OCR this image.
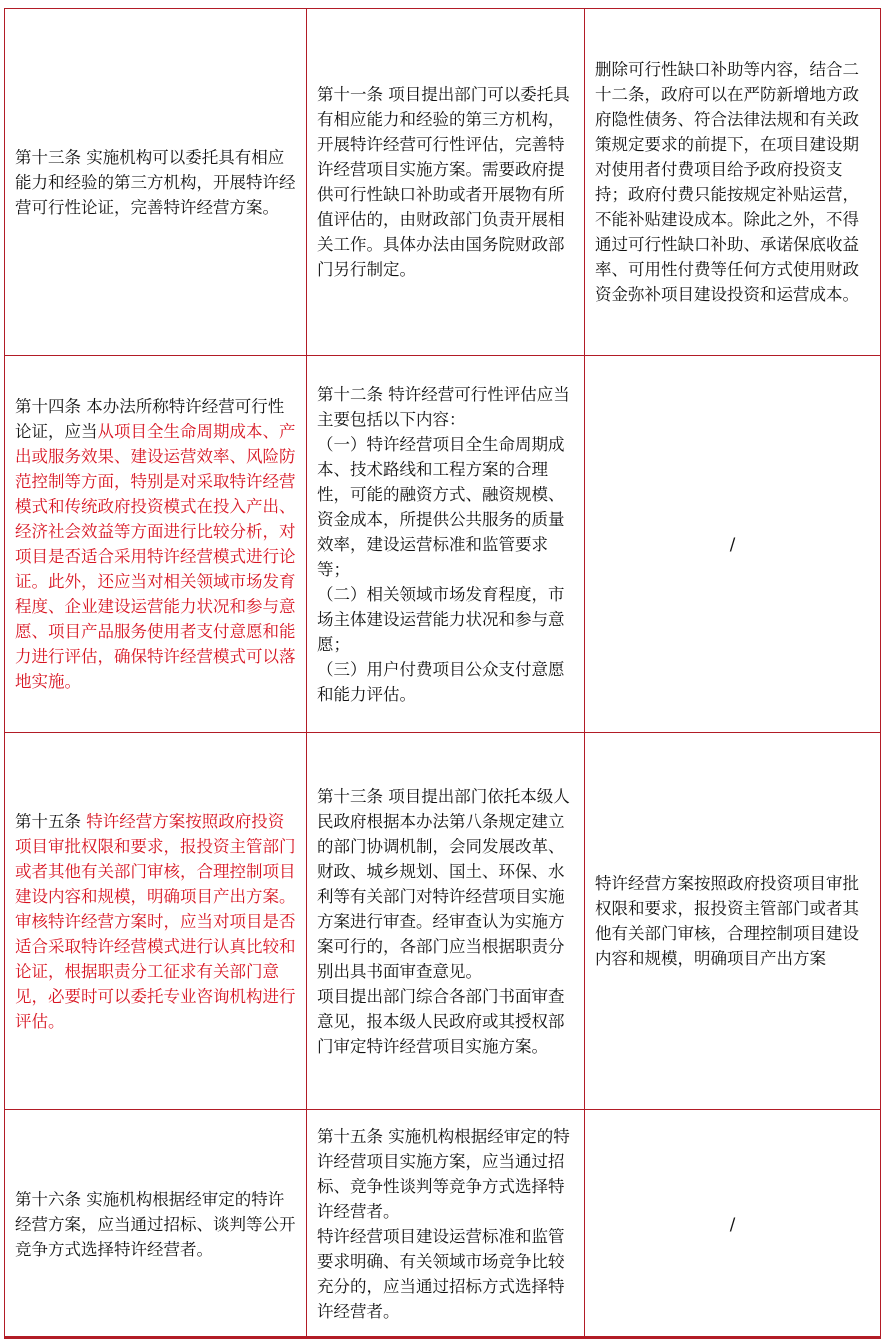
第十三条 实施机构可以委托具有相应能力和经验的第三方机构，开展特许经营可行性论证，完善特许经营方案。	第十一条 项目提出部门可以委托具有相应能力和经验的第三方机构，开展特许经营可行性评估，完善特许经营项目实施方案。需要政府提供可行性缺口补助或者开展物有所值评估的，由财政部门负责开展相关工作。具体办法由国务院财政部门另行制定。	删除可行性缺口补助等内容，结合二十二条，政府可以在严防新增地方政府隐性债务、符合法律法规和有关政策规定要求的前提下，在项目建设期对使用者付费项目给予政府投资支持；政府付费只能按规定补贴运营，不能补贴建设成本。除此之外，不得通过可行性缺口补助、承诺保底收益率、可用性付费等任何方式使用财政资金弥补项目建设投资和运营成本。
第十四条 本办法所称特许经营可行性论证，应当从项目全生命周期成本、产出或服务效果、建设运营效率、风险防范控制等方面，特别是对采取特许经营模式和传统政府投资模式在投入产出、经济社会效益等方面进行比较分析，对项目是否适合采用特许经营模式进行论证。此外，还应当对相关领域市场发育程度、企业建设运营能力状况和参与意愿、项目产品服务使用者支付意愿和能力进行评估，确保特许经营模式可以落地实施。	第十二条 特许经营可行性评估应当主要包括以下内容：
（一）特许经营项目全生命周期成本、技术路线和工程方案的合理性，可能的融资方式、融资规模、资金成本，所提供公共服务的质量效率，建设运营标准和监管要求等；
（二）相关领域市场发育程度，市场主体建设运营能力状况和参与意愿；
（三）用户付费项目公众支付意愿和能力评估。	/

第十五条 特许经营方案按照政府投资项目审批权限和要求，报投资主管部门或者其他有关部门审核，合理控制项目建设内容和规模，明确项目产出方案。
审核特许经营方案时，应当对项目是否适合采取特许经营模式进行认真比较和论证，根据职责分工征求有关部门意见，必要时可以委托专业咨询机构进行评估。	第十三条 项目提出部门依托本级人民政府根据本办法第八条规定建立的部门协调机制，会同发展改革、财政、城乡规划、国土、环保、水利等有关部门对特许经营项目实施方案进行审查。经审查认为实施方案可行的，各部门应当根据职责分别出具书面审查意见。
项目提出部门综合各部门书面审查意见，报本级人民政府或其授权部门审定特许经营项目实施方案。	特许经营方案按照政府投资项目审批权限和要求，报投资主管部门或者其他有关部门审核，合理控制项目建设内容和规模，明确项目产出方案
第十六条 实施机构根据经审定的特许经营方案，应当通过招标、谈判等公开竞争方式选择特许经营者。	第十五条 实施机构根据经审定的特许经营项目实施方案，应当通过招标、竞争性谈判等竞争方式选择特许经营者。
特许经营项目建设运营标准和监管要求明确、有关领域市场竞争比较充分的，应当通过招标方式选择特许经营者。	/
